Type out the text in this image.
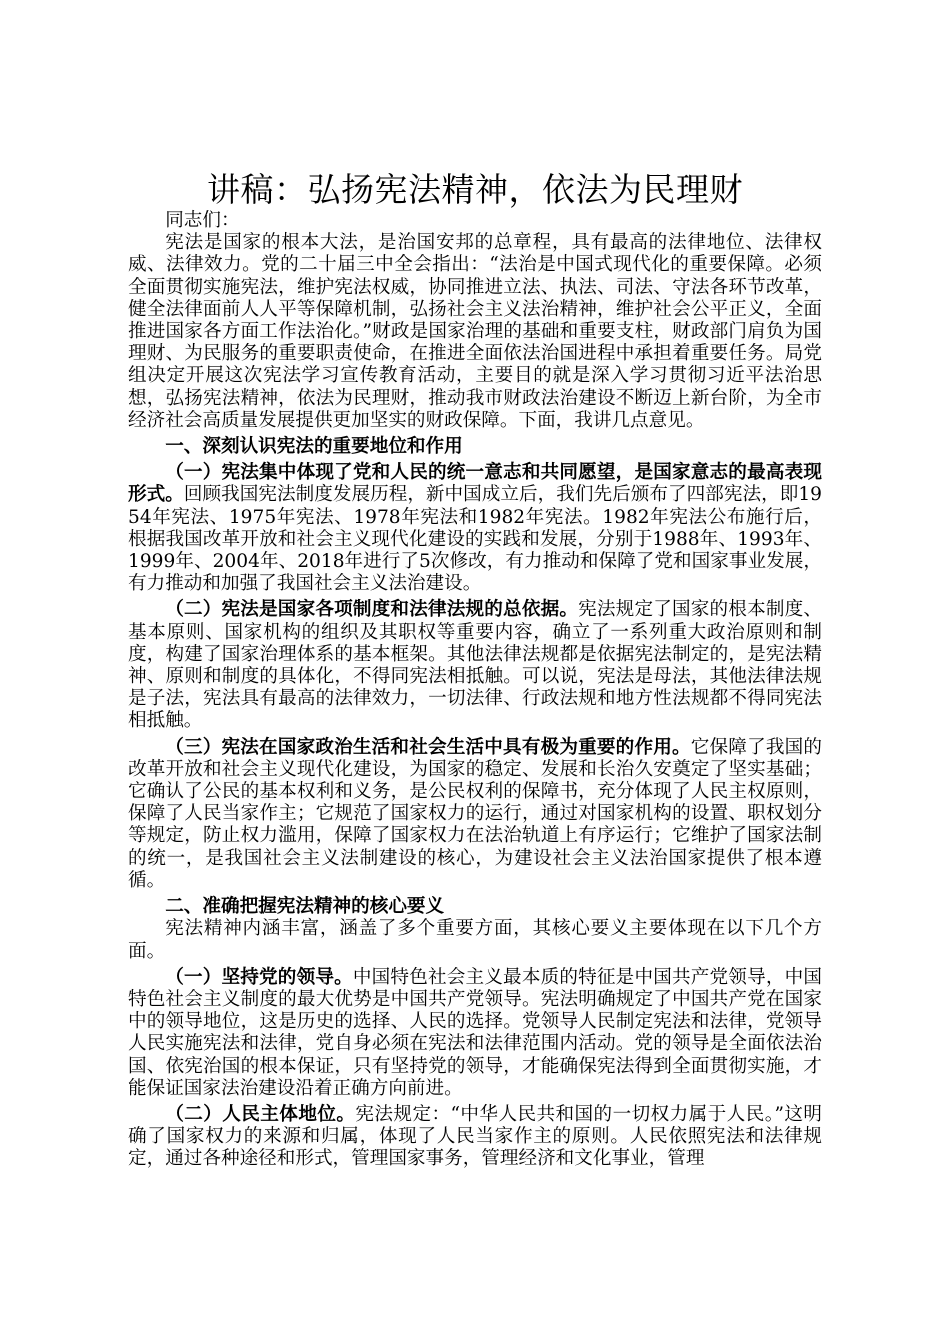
讲稿：弘扬宪法精神，依法为民理财

同志们：

宪法是国家的根本大法，是治国安邦的总章程，具有最高的法律地位、法律权威、法律效力。党的二十届三中全会指出：“法治是中国式现代化的重要保障。必须全面贯彻实施宪法，维护宪法权威，协同推进立法、执法、司法、守法各环节改革，健全法律面前人人平等保障机制，弘扬社会主义法治精神，维护社会公平正义，全面推进国家各方面工作法治化。”财政是国家治理的基础和重要支柱，财政部门肩负为国理财、为民服务的重要职责使命，在推进全面依法治国进程中承担着重要任务。局党组决定开展这次宪法学习宣传教育活动，主要目的就是深入学习贯彻习近平法治思想，弘扬宪法精神，依法为民理财，推动我市财政法治建设不断迈上新台阶，为全市经济社会高质量发展提供更加坚实的财政保障。下面，我讲几点意见。

一、深刻认识宪法的重要地位和作用

（一）宪法集中体现了党和人民的统一意志和共同愿望，是国家意志的最高表现形式。回顾我国宪法制度发展历程，新中国成立后，我们先后颁布了四部宪法，即1954年宪法、1975年宪法、1978年宪法和1982年宪法。1982年宪法公布施行后，根据我国改革开放和社会主义现代化建设的实践和发展，分别于1988年、1993年、1999年、2004年、2018年进行了5次修改，有力推动和保障了党和国家事业发展，有力推动和加强了我国社会主义法治建设。

（二）宪法是国家各项制度和法律法规的总依据。宪法规定了国家的根本制度、基本原则、国家机构的组织及其职权等重要内容，确立了一系列重大政治原则和制度，构建了国家治理体系的基本框架。其他法律法规都是依据宪法制定的，是宪法精神、原则和制度的具体化，不得同宪法相抵触。可以说，宪法是母法，其他法律法规是子法，宪法具有最高的法律效力，一切法律、行政法规和地方性法规都不得同宪法相抵触。

（三）宪法在国家政治生活和社会生活中具有极为重要的作用。它保障了我国的改革开放和社会主义现代化建设，为国家的稳定、发展和长治久安奠定了坚实基础；它确认了公民的基本权利和义务，是公民权利的保障书，充分体现了人民主权原则，保障了人民当家作主；它规范了国家权力的运行，通过对国家机构的设置、职权划分等规定，防止权力滥用，保障了国家权力在法治轨道上有序运行；它维护了国家法制的统一，是我国社会主义法制建设的核心，为建设社会主义法治国家提供了根本遵循。

二、准确把握宪法精神的核心要义

宪法精神内涵丰富，涵盖了多个重要方面，其核心要义主要体现在以下几个方面。

（一）坚持党的领导。中国特色社会主义最本质的特征是中国共产党领导，中国特色社会主义制度的最大优势是中国共产党领导。宪法明确规定了中国共产党在国家中的领导地位，这是历史的选择、人民的选择。党领导人民制定宪法和法律，党领导人民实施宪法和法律，党自身必须在宪法和法律范围内活动。党的领导是全面依法治国、依宪治国的根本保证，只有坚持党的领导，才能确保宪法得到全面贯彻实施，才能保证国家法治建设沿着正确方向前进。

（二）人民主体地位。宪法规定：“中华人民共和国的一切权力属于人民。”这明确了国家权力的来源和归属，体现了人民当家作主的原则。人民依照宪法和法律规定，通过各种途径和形式，管理国家事务，管理经济和文化事业，管理
